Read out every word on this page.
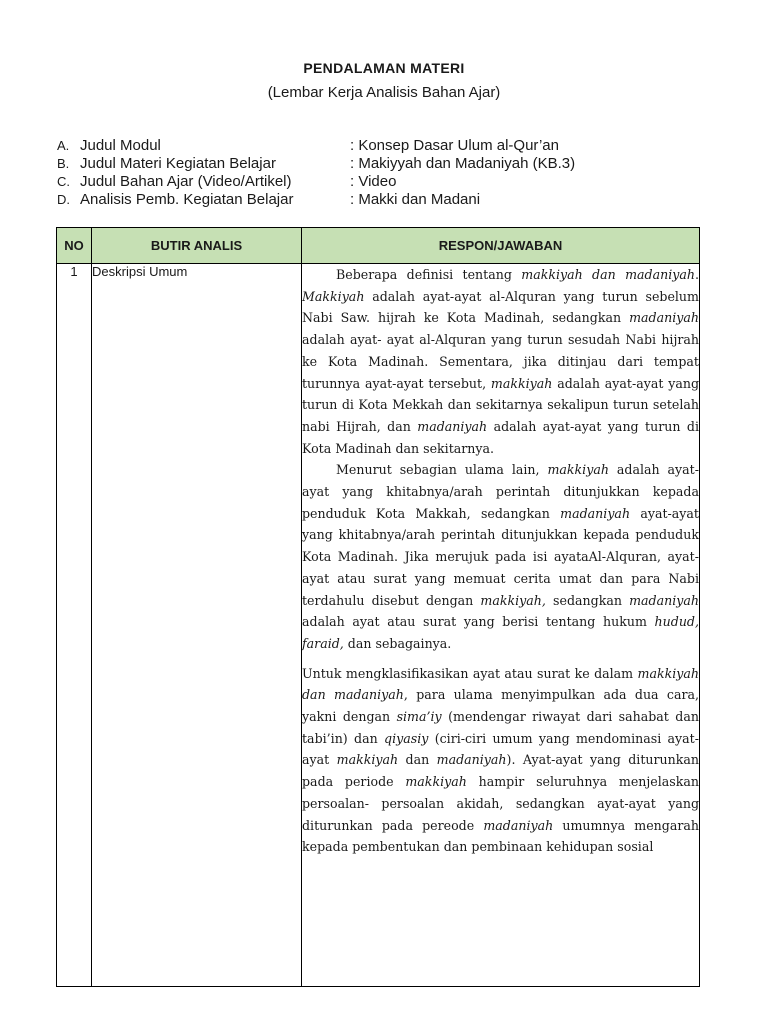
PENDALAMAN MATERI
(Lembar Kerja Analisis Bahan Ajar)
A. Judul Modul	: Konsep Dasar Ulum al-Qur’an
B. Judul Materi Kegiatan Belajar	: Makiyyah dan Madaniyah (KB.3)
C. Judul Bahan Ajar (Video/Artikel)	: Video
D. Analisis Pemb. Kegiatan Belajar	: Makki dan Madani
NO	BUTIR ANALIS	RESPON/JAWABAN
1	Deskripsi Umum	Beberapa definisi tentang makkiyah dan madaniyah. Makkiyah adalah ayat-ayat al-Alquran yang turun sebelum Nabi Saw. hijrah ke Kota Madinah, sedangkan madaniyah adalah ayat- ayat al-Alquran yang turun sesudah Nabi hijrah ke Kota Madinah. Sementara, jika ditinjau dari tempat turunnya ayat-ayat tersebut, makkiyah adalah ayat-ayat yang turun di Kota Mekkah dan sekitarnya sekalipun turun setelah nabi Hijrah, dan madaniyah adalah ayat-ayat yang turun di Kota Madinah dan sekitarnya.

Menurut sebagian ulama lain, makkiyah adalah ayat-ayat yang khitabnya/arah perintah ditunjukkan kepada penduduk Kota Makkah, sedangkan madaniyah ayat-ayat yang khitabnya/arah perintah ditunjukkan kepada penduduk Kota Madinah. Jika merujuk pada isi ayataAl-Alquran, ayat-ayat atau surat yang memuat cerita umat dan para Nabi terdahulu disebut dengan makkiyah, sedangkan madaniyah adalah ayat atau surat yang berisi tentang hukum hudud, faraid, dan sebagainya.

Untuk mengklasifikasikan ayat atau surat ke dalam makkiyah dan madaniyah, para ulama menyimpulkan ada dua cara, yakni dengan sima’iy (mendengar riwayat dari sahabat dan tabi’in) dan qiyasiy (ciri-ciri umum yang mendominasi ayat-ayat makkiyah dan madaniyah). Ayat-ayat yang diturunkan pada periode makkiyah hampir seluruhnya menjelaskan persoalan- persoalan akidah, sedangkan ayat-ayat yang diturunkan pada pereode madaniyah umumnya mengarah kepada pembentukan dan pembinaan kehidupan sosial
